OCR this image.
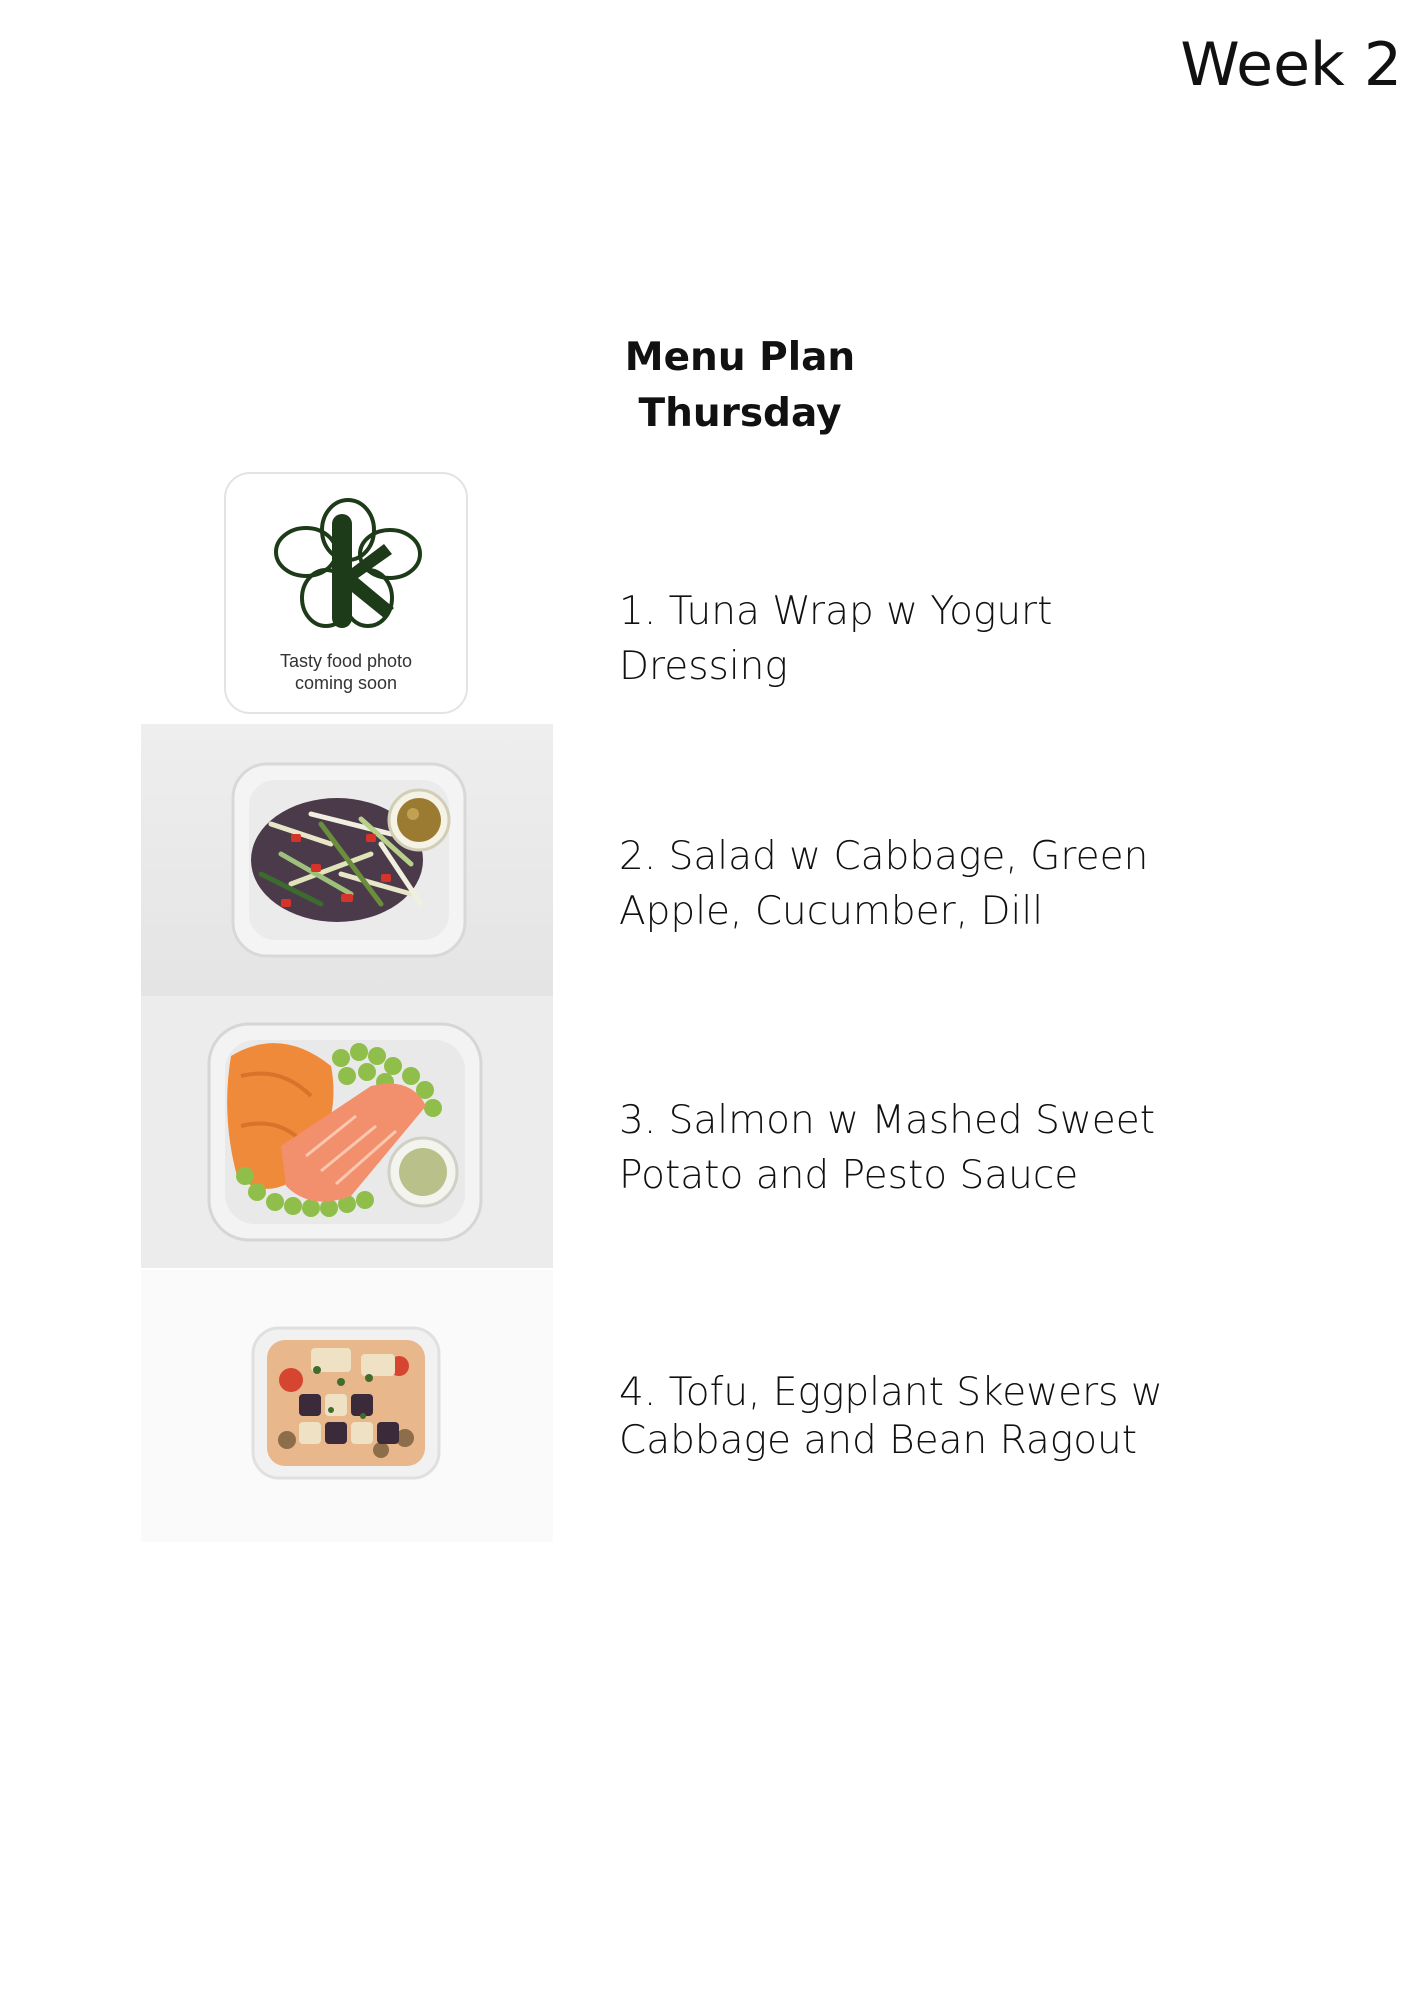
Week 2
Menu Plan
Thursday
Tasty food photo
coming soon
1. Tuna Wrap w Yogurt
Dressing
2. Salad w Cabbage, Green
Apple, Cucumber, Dill
3. Salmon w Mashed Sweet
Potato and Pesto Sauce
4. Tofu, Eggplant Skewers w
Cabbage and Bean Ragout
